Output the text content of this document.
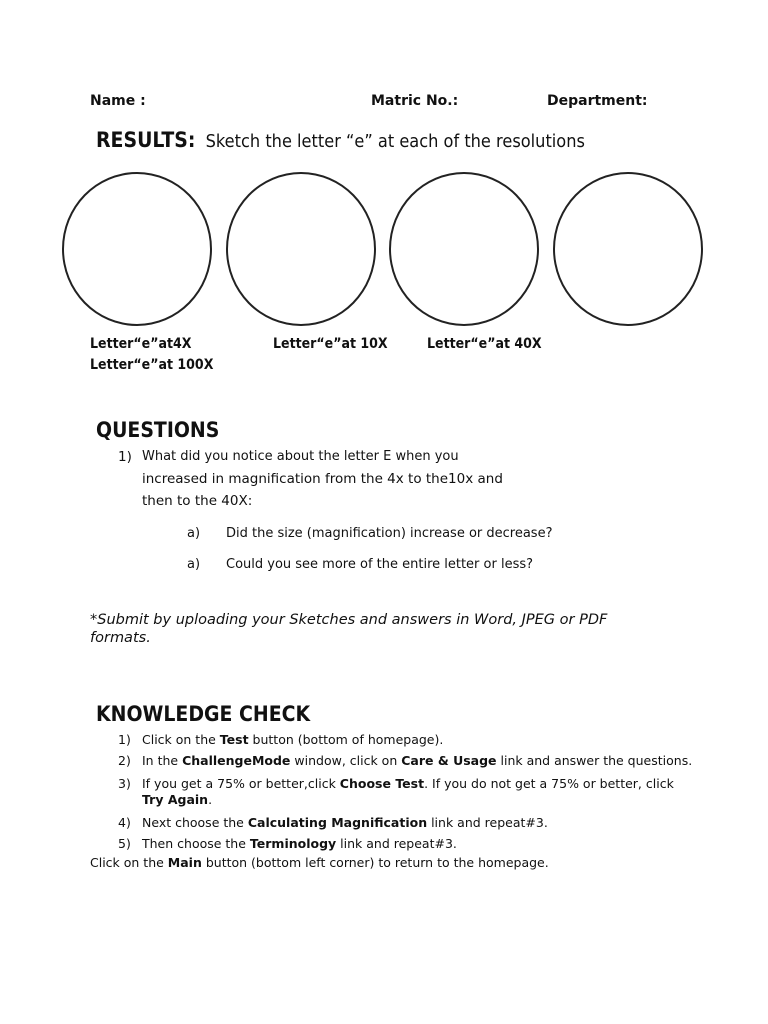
Name :	Matric No.:	Department:
RESULTS: Sketch the letter “e” at each of the resolutions
Letter“e”at4X	Letter“e”at 10X	Letter“e”at 40X
Letter“e”at 100X
QUESTIONS
1) What did you notice about the letter E when you
increased in magnification from the 4x to the10x and
then to the 40X:
a) Did the size (magnification) increase or decrease?
a) Could you see more of the entire letter or less?
*Submit by uploading your Sketches and answers in Word, JPEG or PDF formats.
KNOWLEDGE CHECK
1) Click on the Test button (bottom of homepage).
2) In the ChallengeMode window, click on Care & Usage link and answer the questions.
3) If you get a 75% or better,click Choose Test. If you do not get a 75% or better, click Try Again.
4) Next choose the Calculating Magnification link and repeat#3.
5) Then choose the Terminology link and repeat#3.
Click on the Main button (bottom left corner) to return to the homepage.
